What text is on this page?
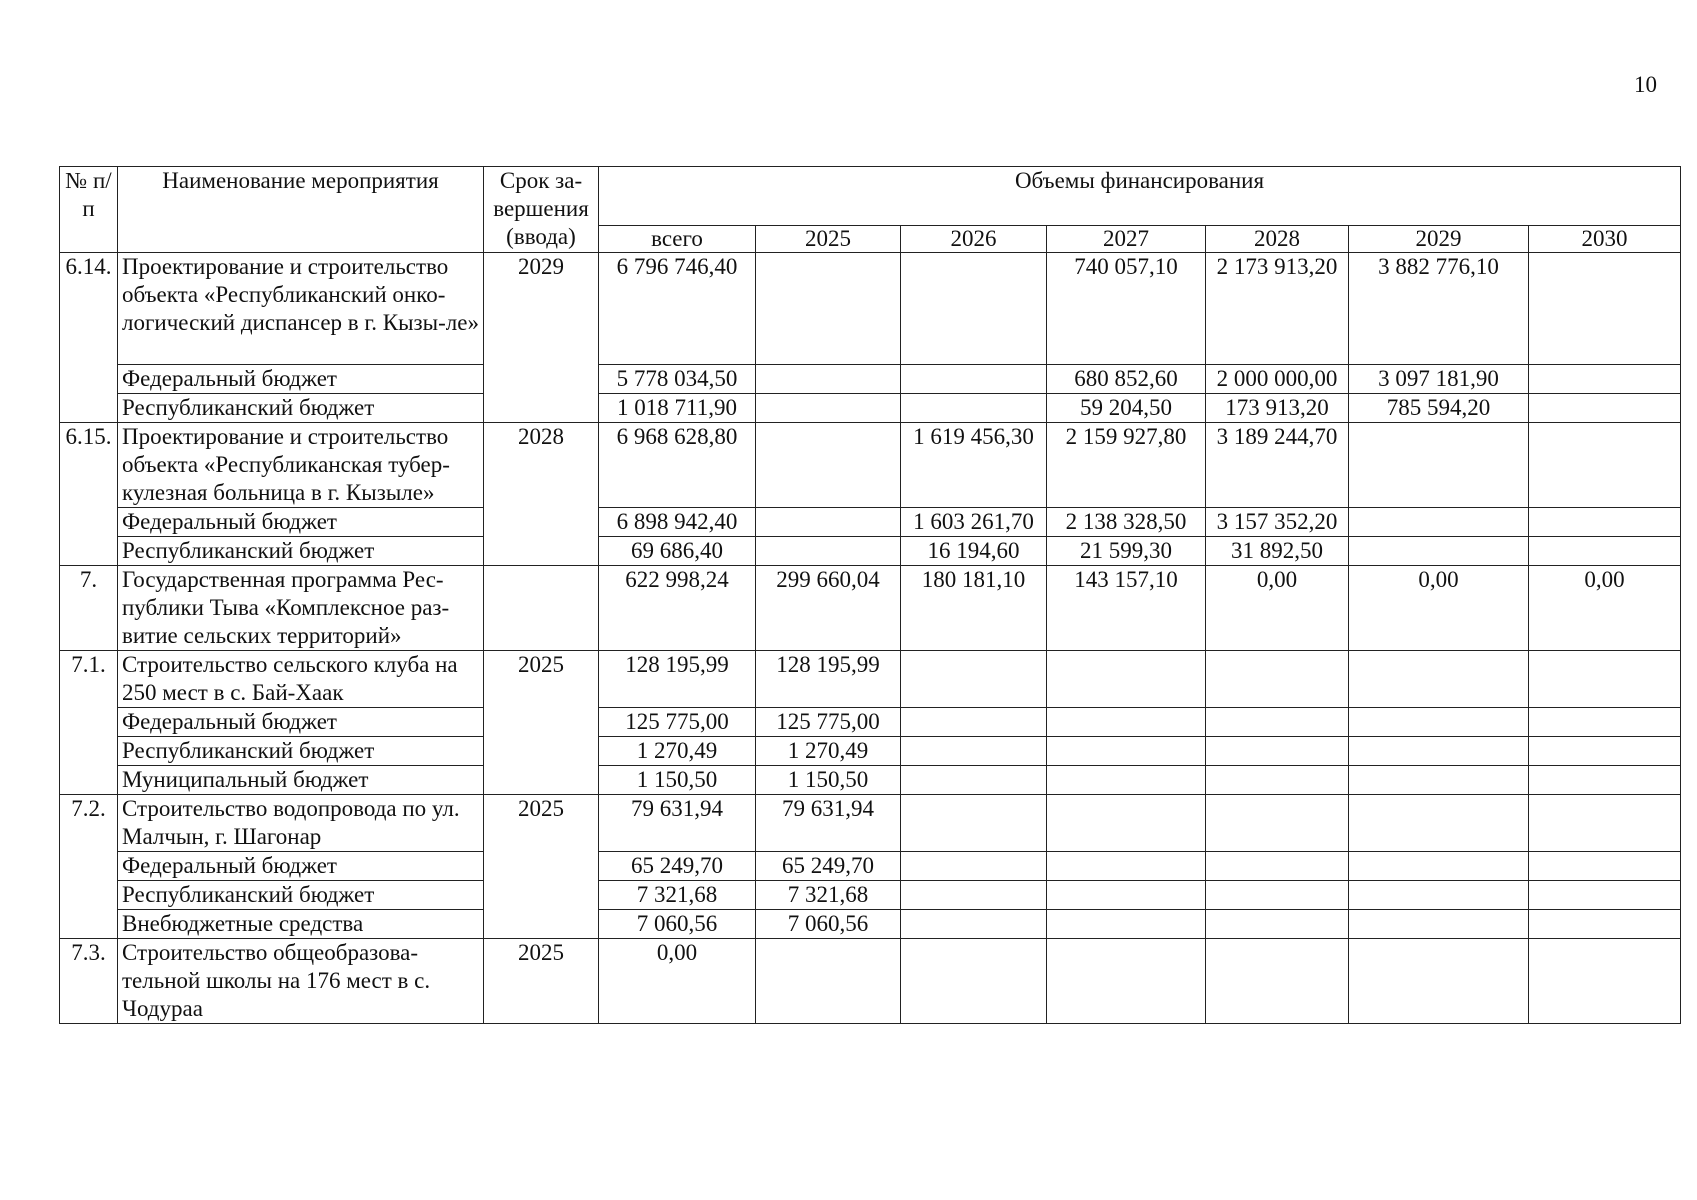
10
№ п/п	Наименование мероприятия	Срок за-вершения (ввода)	Объемы финансирования						
			всего	2025	2026	2027	2028	2029	2030
6.14.	Проектирование и строительство объекта «Республиканский онко-логический диспансер в г. Кызы-ле»	2029	6 796 746,40			740 057,10	2 173 913,20	3 882 776,10	
	Федеральный бюджет		5 778 034,50			680 852,60	2 000 000,00	3 097 181,90	
	Республиканский бюджет		1 018 711,90			59 204,50	173 913,20	785 594,20	
6.15.	Проектирование и строительство объекта «Республиканская тубер-кулезная больница в г. Кызыле»	2028	6 968 628,80		1 619 456,30	2 159 927,80	3 189 244,70		
	Федеральный бюджет		6 898 942,40		1 603 261,70	2 138 328,50	3 157 352,20		
	Республиканский бюджет		69 686,40		16 194,60	21 599,30	31 892,50		
7.	Государственная программа Рес-публики Тыва «Комплексное раз-витие сельских территорий»		622 998,24	299 660,04	180 181,10	143 157,10	0,00	0,00	0,00
7.1.	Строительство сельского клуба на 250 мест в с. Бай-Хаак	2025	128 195,99	128 195,99					
	Федеральный бюджет		125 775,00	125 775,00					
	Республиканский бюджет		1 270,49	1 270,49					
	Муниципальный бюджет		1 150,50	1 150,50					
7.2.	Строительство водопровода по ул. Малчын, г. Шагонар	2025	79 631,94	79 631,94					
	Федеральный бюджет		65 249,70	65 249,70					
	Республиканский бюджет		7 321,68	7 321,68					
	Внебюджетные средства		7 060,56	7 060,56					
7.3.	Строительство общеобразова-тельной школы на 176 мест в с. Чодураа	2025	0,00						
